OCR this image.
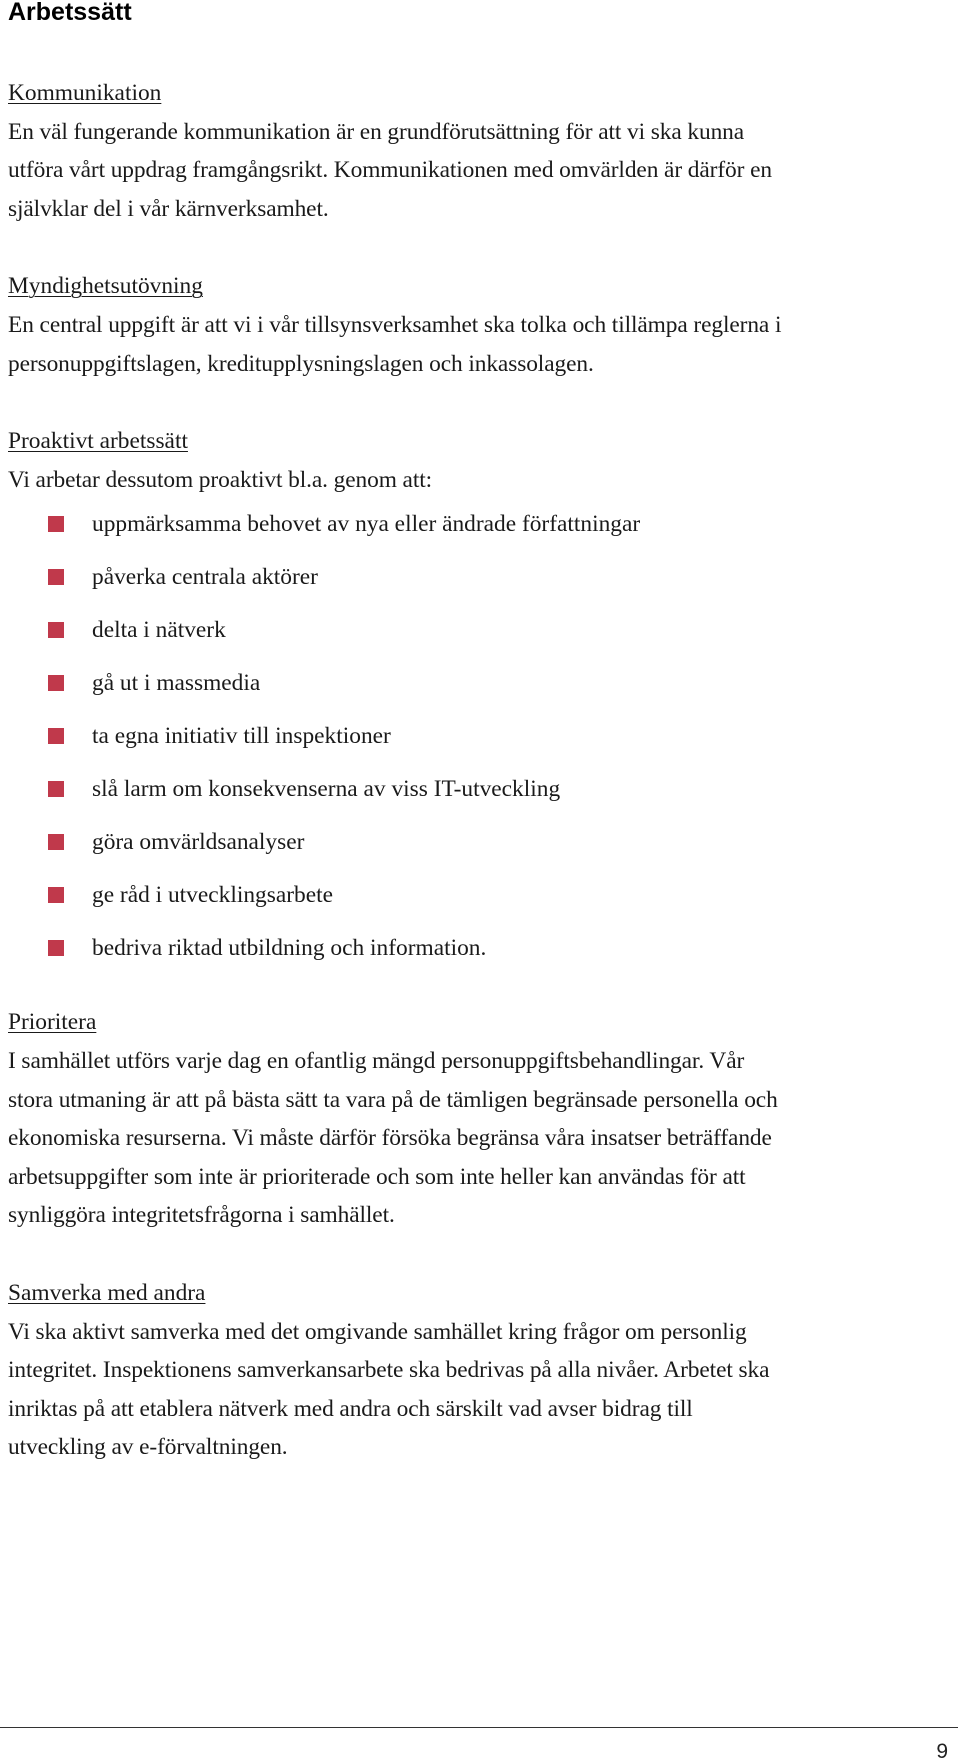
Arbetssätt
Kommunikation

En väl fungerande kommunikation är en grundförutsättning för att vi ska kunna
utföra vårt uppdrag framgångsrikt. Kommunikationen med omvärlden är därför en
självklar del i vår kärnverksamhet.

Myndighetsutövning

En central uppgift är att vi i vår tillsynsverksamhet ska tolka och tillämpa reglerna i
personuppgiftslagen, kreditupplysningslagen och inkassolagen.

Proaktivt arbetssätt

Vi arbetar dessutom proaktivt bl.a. genom att:

uppmärksamma behovet av nya eller ändrade författningar
påverka centrala aktörer
delta i nätverk
gå ut i massmedia
ta egna initiativ till inspektioner
slå larm om konsekvenserna av viss IT-utveckling
göra omvärldsanalyser
ge råd i utvecklingsarbete
bedriva riktad utbildning och information.
Prioritera

I samhället utförs varje dag en ofantlig mängd personuppgiftsbehandlingar. Vår
stora utmaning är att på bästa sätt ta vara på de tämligen begränsade personella och
ekonomiska resurserna. Vi måste därför försöka begränsa våra insatser beträffande
arbetsuppgifter som inte är prioriterade och som inte heller kan användas för att
synliggöra integritetsfrågorna i samhället.

Samverka med andra

Vi ska aktivt samverka med det omgivande samhället kring frågor om personlig
integritet. Inspektionens samverkansarbete ska bedrivas på alla nivåer. Arbetet ska
inriktas på att etablera nätverk med andra och särskilt vad avser bidrag till
utveckling av e-förvaltningen.

9
